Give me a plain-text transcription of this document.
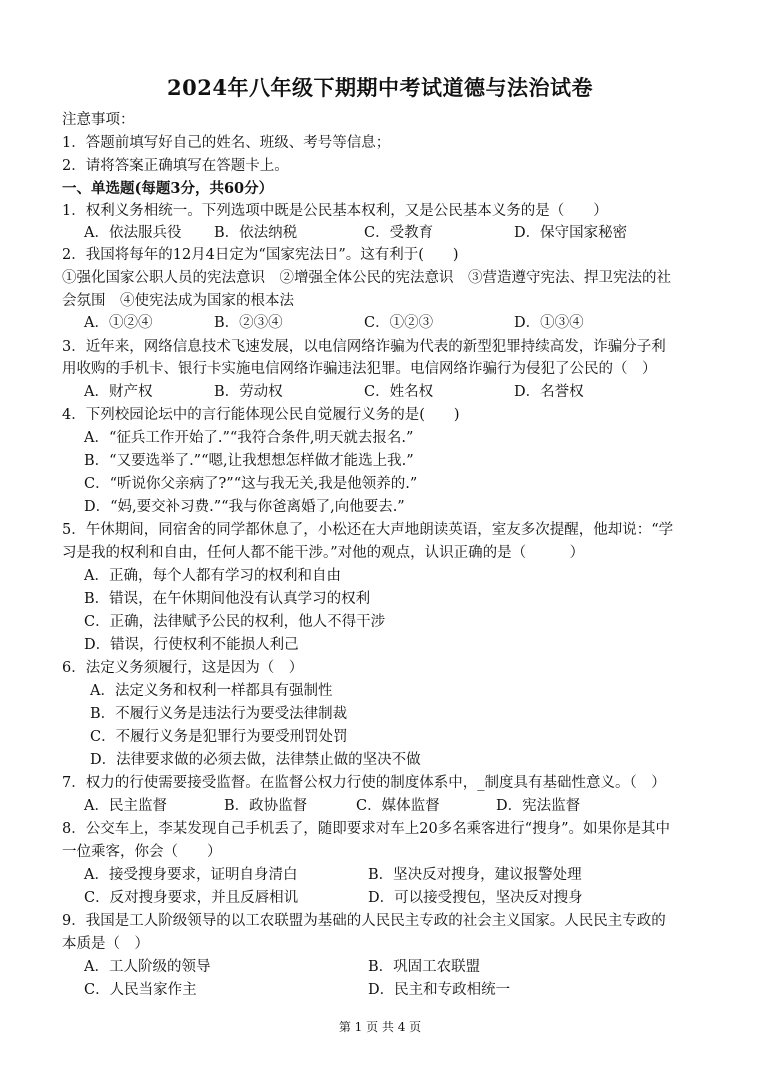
2024年八年级下期期中考试道德与法治试卷
注意事项：
1．答题前填写好自己的姓名、班级、考号等信息；
2．请将答案正确填写在答题卡上。
一、单选题(每题3分，共60分）
1．权利义务相统一。下列选项中既是公民基本权利，又是公民基本义务的是（　　）
A．依法服兵役 B．依法纳税	C．受教育	D．保守国家秘密
2．我国将每年的12月4日定为“国家宪法日”。这有利于(　　)
①强化国家公职人员的宪法意识　②增强全体公民的宪法意识　③营造遵守宪法、捍卫宪法的社
会氛围　④使宪法成为国家的根本法
A．①②④	B．②③④	C．①②③	D．①③④
3．近年来，网络信息技术飞速发展，以电信网络诈骗为代表的新型犯罪持续高发，诈骗分子利
用收购的手机卡、银行卡实施电信网络诈骗违法犯罪。电信网络诈骗行为侵犯了公民的（　）
A．财产权	B．劳动权	C．姓名权	D．名誉权
4．下列校园论坛中的言行能体现公民自觉履行义务的是(　　)
A．“征兵工作开始了.”“我符合条件,明天就去报名.”
B．“又要选举了.”“嗯,让我想想怎样做才能选上我.”
C．“听说你父亲病了?”“这与我无关,我是他领养的.”
D．“妈,要交补习费.”“我与你爸离婚了,向他要去.”
5．午休期间，同宿舍的同学都休息了，小松还在大声地朗读英语，室友多次提醒，他却说：“学
习是我的权利和自由，任何人都不能干涉。”对他的观点，认识正确的是（　　　）
A．正确，每个人都有学习的权利和自由
B．错误，在午休期间他没有认真学习的权利
C．正确，法律赋予公民的权利，他人不得干涉
D．错误，行使权利不能损人利己
6．法定义务须履行，这是因为（　）
A．法定义务和权利一样都具有强制性
B．不履行义务是违法行为要受法律制裁
C．不履行义务是犯罪行为要受刑罚处罚
D．法律要求做的必须去做，法律禁止做的坚决不做
7．权力的行使需要接受监督。在监督公权力行使的制度体系中，_制度具有基础性意义。（　）
A．民主监督	B．政协监督	C．媒体监督	D．宪法监督
8．公交车上，李某发现自己手机丢了，随即要求对车上20多名乘客进行“搜身”。如果你是其中
一位乘客，你会（　　）
A．接受搜身要求，证明自身清白	B．坚决反对搜身，建议报警处理
C．反对搜身要求，并且反唇相讥	D．可以接受搜包，坚决反对搜身
9．我国是工人阶级领导的以工农联盟为基础的人民民主专政的社会主义国家。人民民主专政的
本质是（　）
A．工人阶级的领导	B．巩固工农联盟
C．人民当家作主	D．民主和专政相统一
第 1 页 共 4 页
